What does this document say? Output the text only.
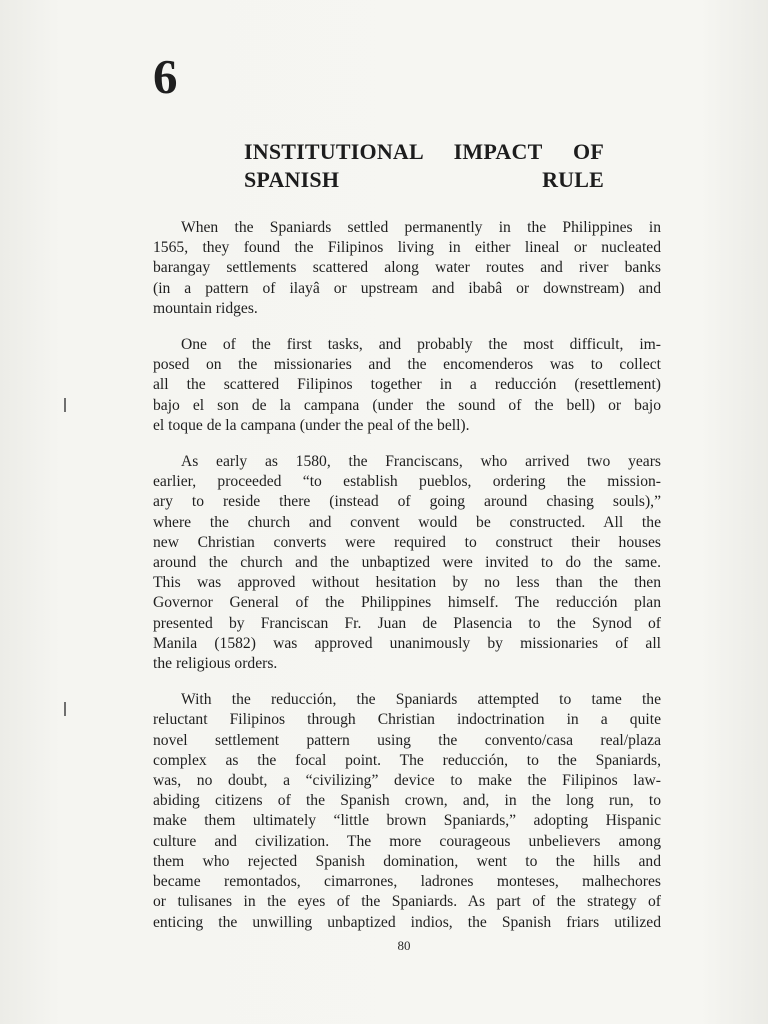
6
INSTITUTIONAL IMPACT OF
SPANISH RULE
When the Spaniards settled permanently in the Philippines in
1565, they found the Filipinos living in either lineal or nucleated
barangay settlements scattered along water routes and river banks
(in a pattern of ilayâ or upstream and ibabâ or downstream) and
mountain ridges.
One of the first tasks, and probably the most difficult, im-
posed on the missionaries and the encomenderos was to collect
all the scattered Filipinos together in a reducción (resettlement)
bajo el son de la campana (under the sound of the bell) or bajo
el toque de la campana (under the peal of the bell).
As early as 1580, the Franciscans, who arrived two years
earlier, proceeded “to establish pueblos, ordering the mission-
ary to reside there (instead of going around chasing souls),”
where the church and convent would be constructed. All the
new Christian converts were required to construct their houses
around the church and the unbaptized were invited to do the same.
This was approved without hesitation by no less than the then
Governor General of the Philippines himself. The reducción plan
presented by Franciscan Fr. Juan de Plasencia to the Synod of
Manila (1582) was approved unanimously by missionaries of all
the religious orders.
With the reducción, the Spaniards attempted to tame the
reluctant Filipinos through Christian indoctrination in a quite
novel settlement pattern using the convento/casa real/plaza
complex as the focal point. The reducción, to the Spaniards,
was, no doubt, a “civilizing” device to make the Filipinos law-
abiding citizens of the Spanish crown, and, in the long run, to
make them ultimately “little brown Spaniards,” adopting Hispanic
culture and civilization. The more courageous unbelievers among
them who rejected Spanish domination, went to the hills and
became remontados, cimarrones, ladrones monteses, malhechores
or tulisanes in the eyes of the Spaniards. As part of the strategy of
enticing the unwilling unbaptized indios, the Spanish friars utilized
80
